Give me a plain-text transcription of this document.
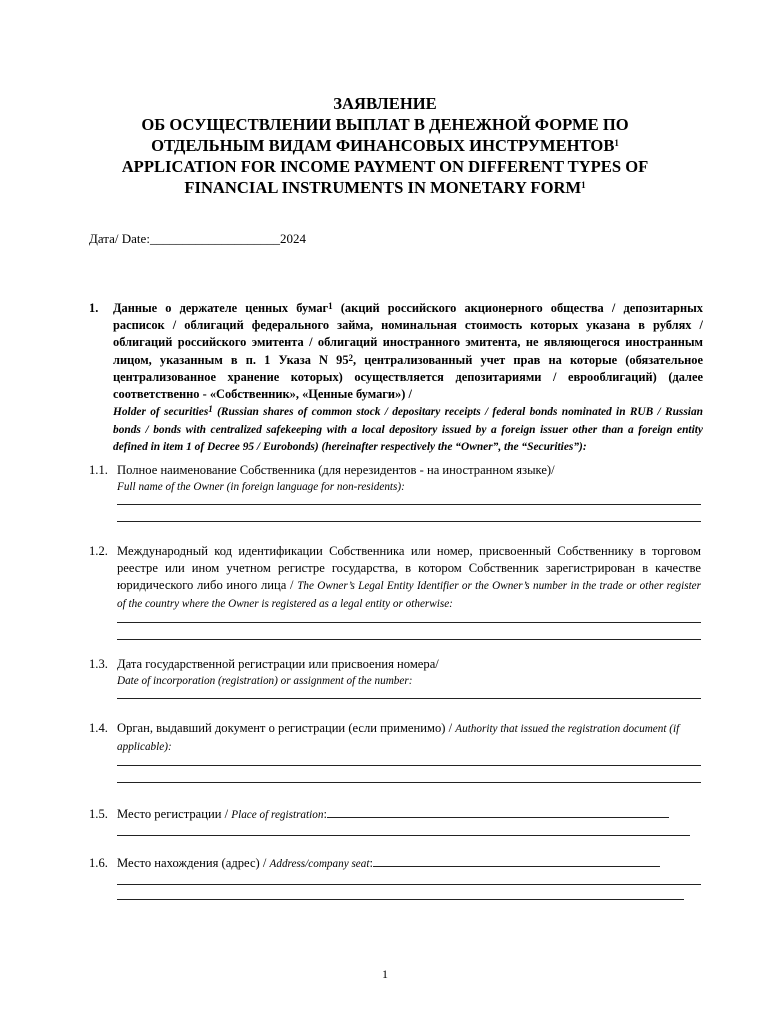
ЗАЯВЛЕНИЕ
ОБ ОСУЩЕСТВЛЕНИИ ВЫПЛАТ В ДЕНЕЖНОЙ ФОРМЕ ПО
ОТДЕЛЬНЫМ ВИДАМ ФИНАНСОВЫХ ИНСТРУМЕНТОВ$^1$
APPLICATION FOR INCOME PAYMENT ON DIFFERENT TYPES OF
FINANCIAL INSTRUMENTS IN MONETARY FORM$^1$
Дата/ Date:____________________2024
1. Данные о держателе ценных бумаг$^1$ (акций российского акционерного общества / депозитарных расписок / облигаций федерального займа, номинальная стоимость которых указана в рублях / облигаций российского эмитента / облигаций иностранного эмитента, не являющегося иностранным лицом, указанным в п. 1 Указа N $95^2$, централизованный учет прав на которые (обязательное централизованное хранение которых) осуществляется депозитариями / еврооблигаций) (далее соответственно - «Собственник», «Ценные бумаги») /
Holder of securities$^1$ (Russian shares of common stock / depositary receipts / federal bonds nominated in RUB / Russian bonds / bonds with centralized safekeeping with a local depository issued by a foreign issuer other than a foreign entity defined in item 1 of Decree 95 / Eurobonds) (hereinafter respectively the “Owner”, the “Securities”):
1.1. Полное наименование Собственника (для нерезидентов - на иностранном языке)/
Full name of the Owner (in foreign language for non-residents):
1.2. Международный код идентификации Собственника или номер, присвоенный Собственнику в торговом реестре или ином учетном регистре государства, в котором Собственник зарегистрирован в качестве юридического либо иного лица / The Owner’s Legal Entity Identifier or the Owner’s number in the trade or other register of the country where the Owner is registered as a legal entity or otherwise:
1.3. Дата государственной регистрации или присвоения номера/
Date of incorporation (registration) or assignment of the number:
1.4. Орган, выдавший документ о регистрации (если применимо) / Authority that issued the registration document (if applicable):
1.5. Место регистрации / Place of registration:
1.6. Место нахождения (адрес) / Address/company seat:
1
